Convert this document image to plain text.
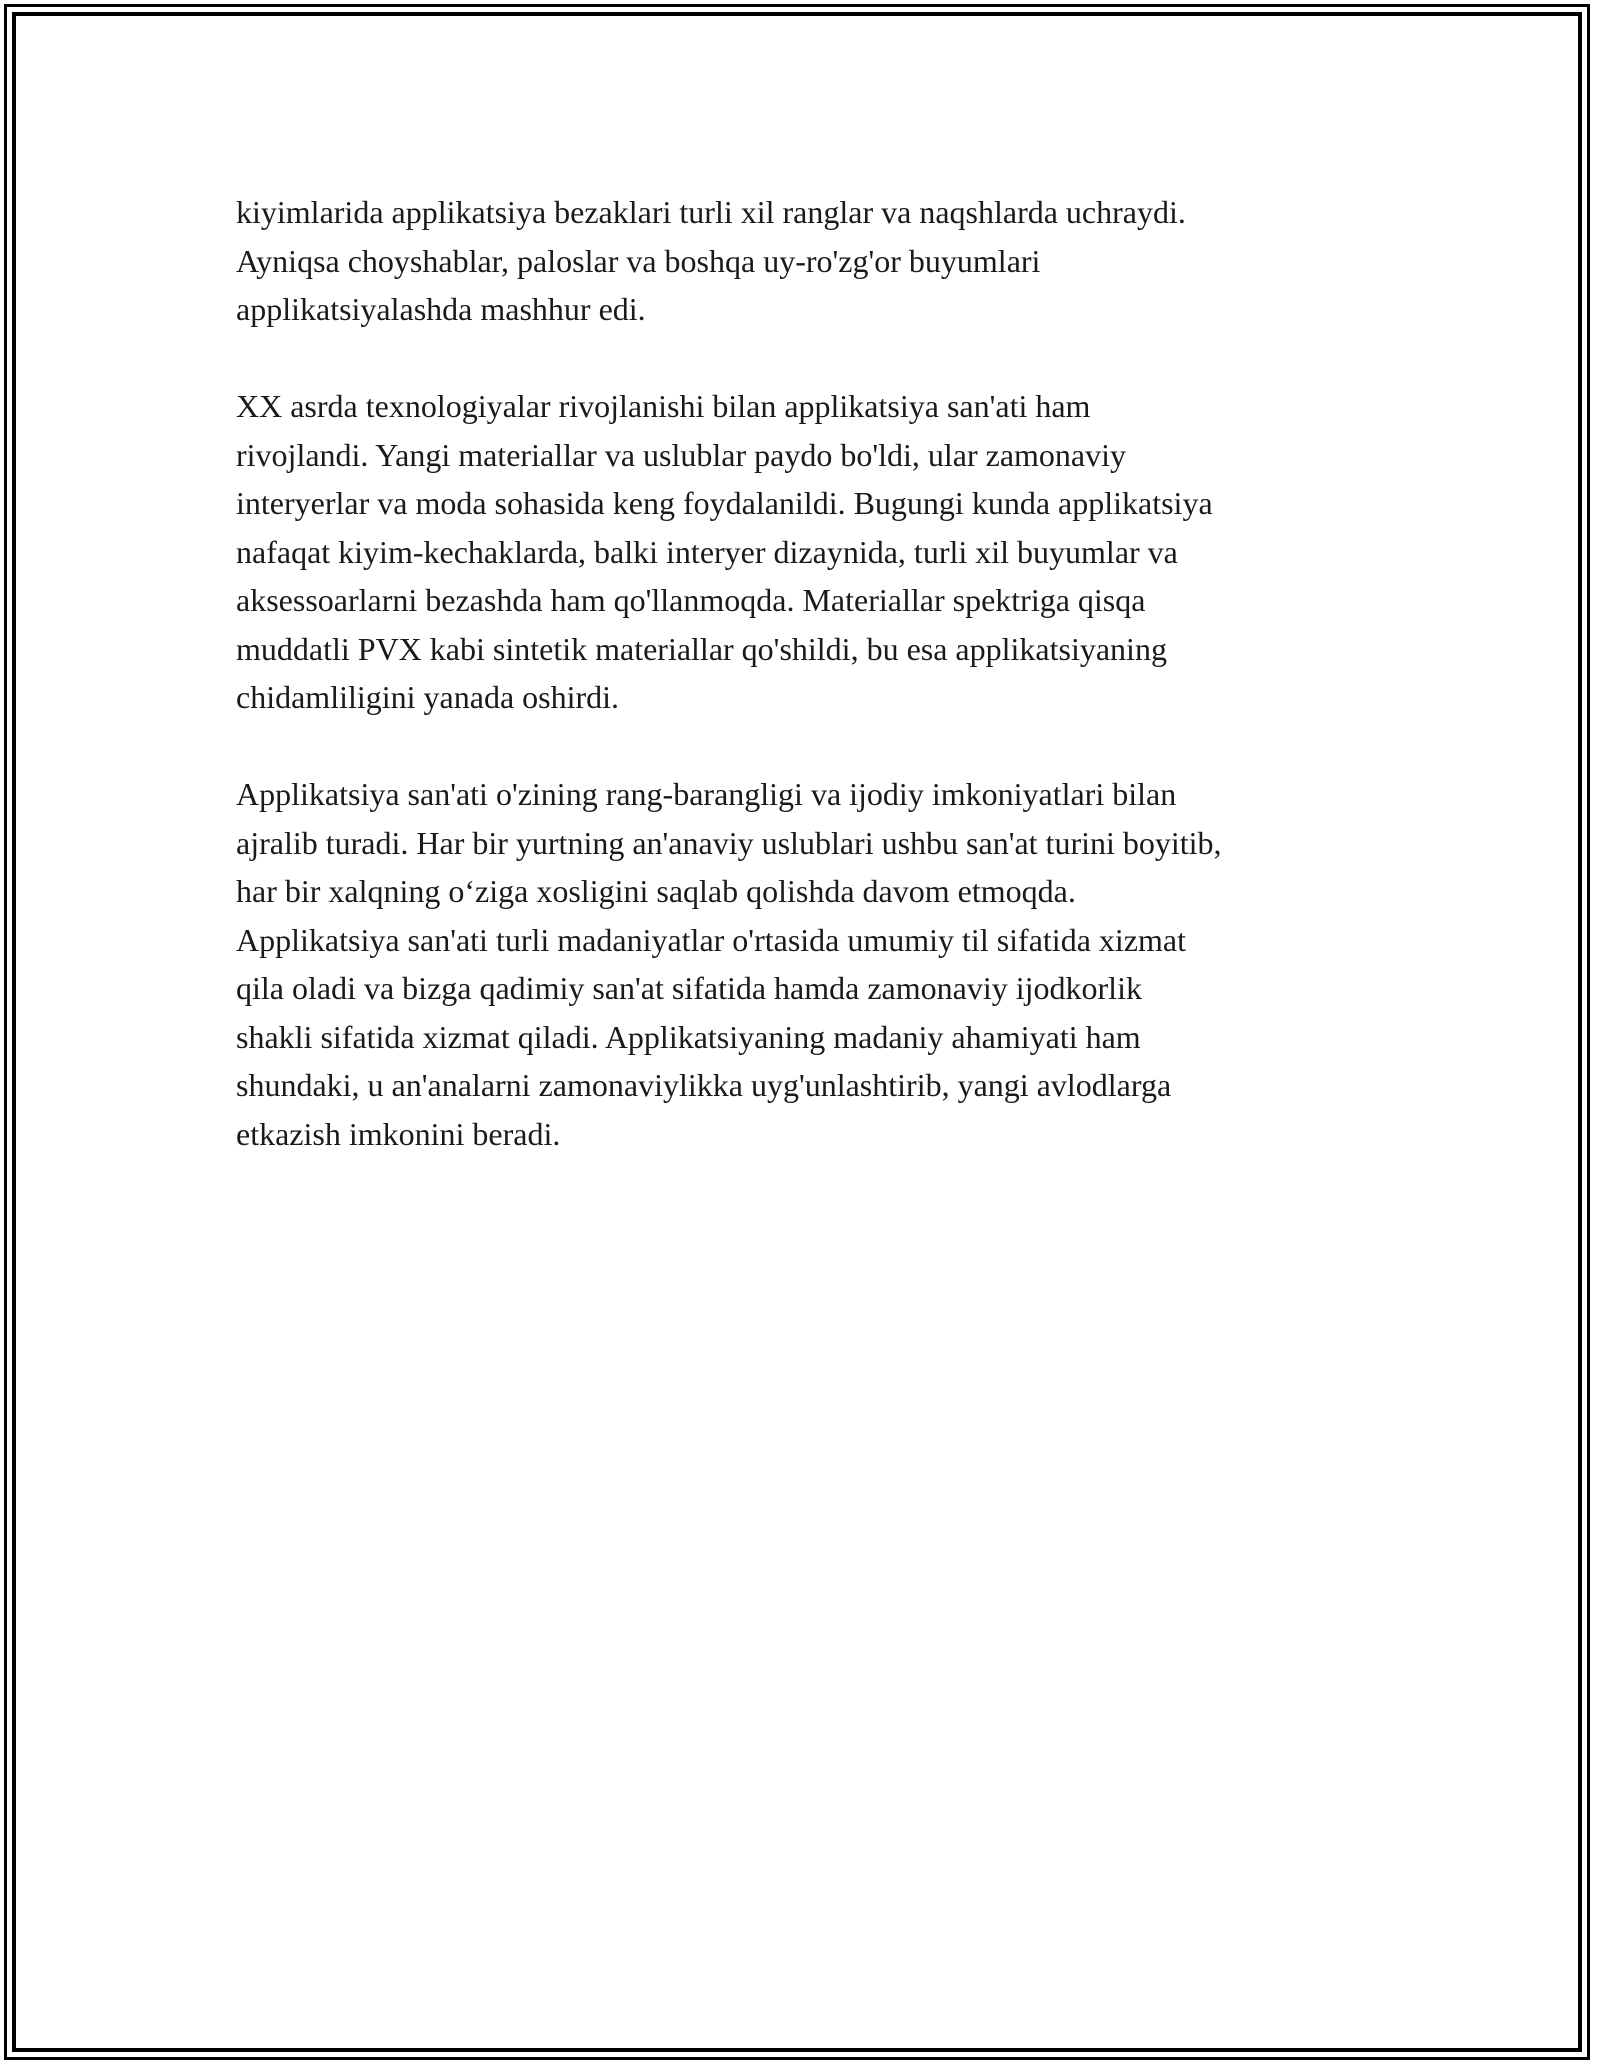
kiyimlarida applikatsiya bezaklari turli xil ranglar va naqshlarda uchraydi.
Ayniqsa choyshablar, paloslar va boshqa uy-ro'zg'or buyumlari
applikatsiyalashda mashhur edi.

XX asrda texnologiyalar rivojlanishi bilan applikatsiya san'ati ham
rivojlandi. Yangi materiallar va uslublar paydo bo'ldi, ular zamonaviy
interyerlar va moda sohasida keng foydalanildi. Bugungi kunda applikatsiya
nafaqat kiyim-kechaklarda, balki interyer dizaynida, turli xil buyumlar va
aksessoarlarni bezashda ham qo'llanmoqda. Materiallar spektriga qisqa
muddatli PVX kabi sintetik materiallar qo'shildi, bu esa applikatsiyaning
chidamliligini yanada oshirdi.

Applikatsiya san'ati o'zining rang-barangligi va ijodiy imkoniyatlari bilan
ajralib turadi. Har bir yurtning an'anaviy uslublari ushbu san'at turini boyitib,
har bir xalqning o‘ziga xosligini saqlab qolishda davom etmoqda.
Applikatsiya san'ati turli madaniyatlar o'rtasida umumiy til sifatida xizmat
qila oladi va bizga qadimiy san'at sifatida hamda zamonaviy ijodkorlik
shakli sifatida xizmat qiladi. Applikatsiyaning madaniy ahamiyati ham
shundaki, u an'analarni zamonaviylikka uyg'unlashtirib, yangi avlodlarga
etkazish imkonini beradi.
